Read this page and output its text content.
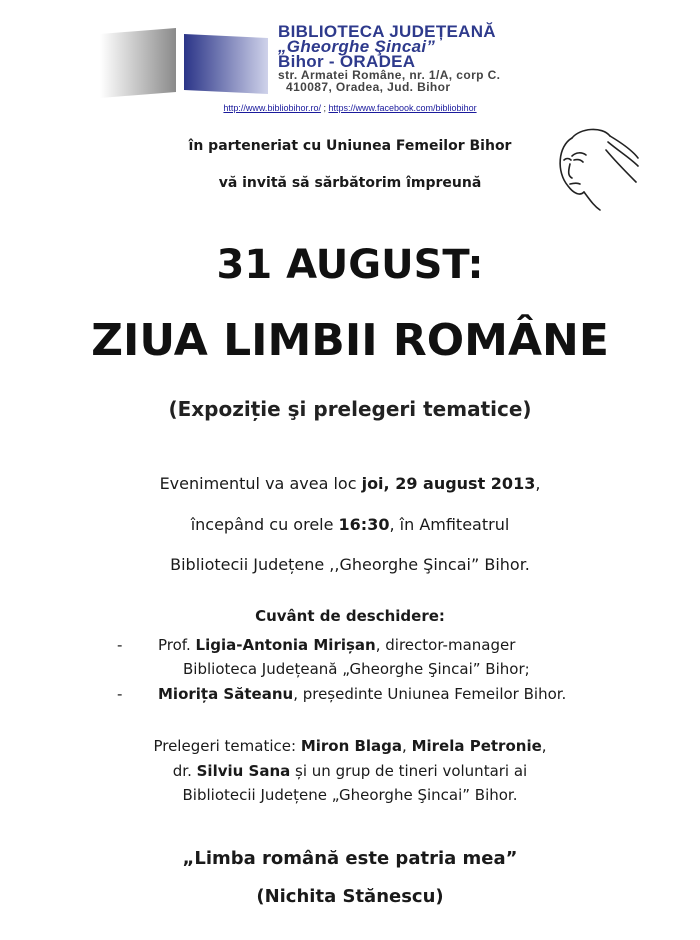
BIBLIOTECA JUDEȚEANĂ
„Gheorghe Şincai”
Bihor - ORADEA
str. Armatei Române, nr. 1/A, corp C.
410087, Oradea, Jud. Bihor
http://www.bibliobihor.ro/ ; https://www.facebook.com/bibliobihor
în parteneriat cu Uniunea Femeilor Bihor
vă invită să sărbătorim împreună
31 AUGUST:
ZIUA LIMBII ROMÂNE
(Expoziție şi prelegeri tematice)
Evenimentul va avea loc joi, 29 august 2013,
începând cu orele 16:30, în Amfiteatrul
Bibliotecii Județene ,,Gheorghe Şincai” Bihor.
Cuvânt de deschidere:
- Prof. Ligia-Antonia Mirișan, director-manager
Biblioteca Județeană „Gheorghe Şincai” Bihor;
- Miorița Săteanu, președinte Uniunea Femeilor Bihor.
Prelegeri tematice: Miron Blaga, Mirela Petronie,
dr. Silviu Sana și un grup de tineri voluntari ai
Bibliotecii Județene „Gheorghe Şincai” Bihor.
„Limba română este patria mea”
(Nichita Stănescu)
